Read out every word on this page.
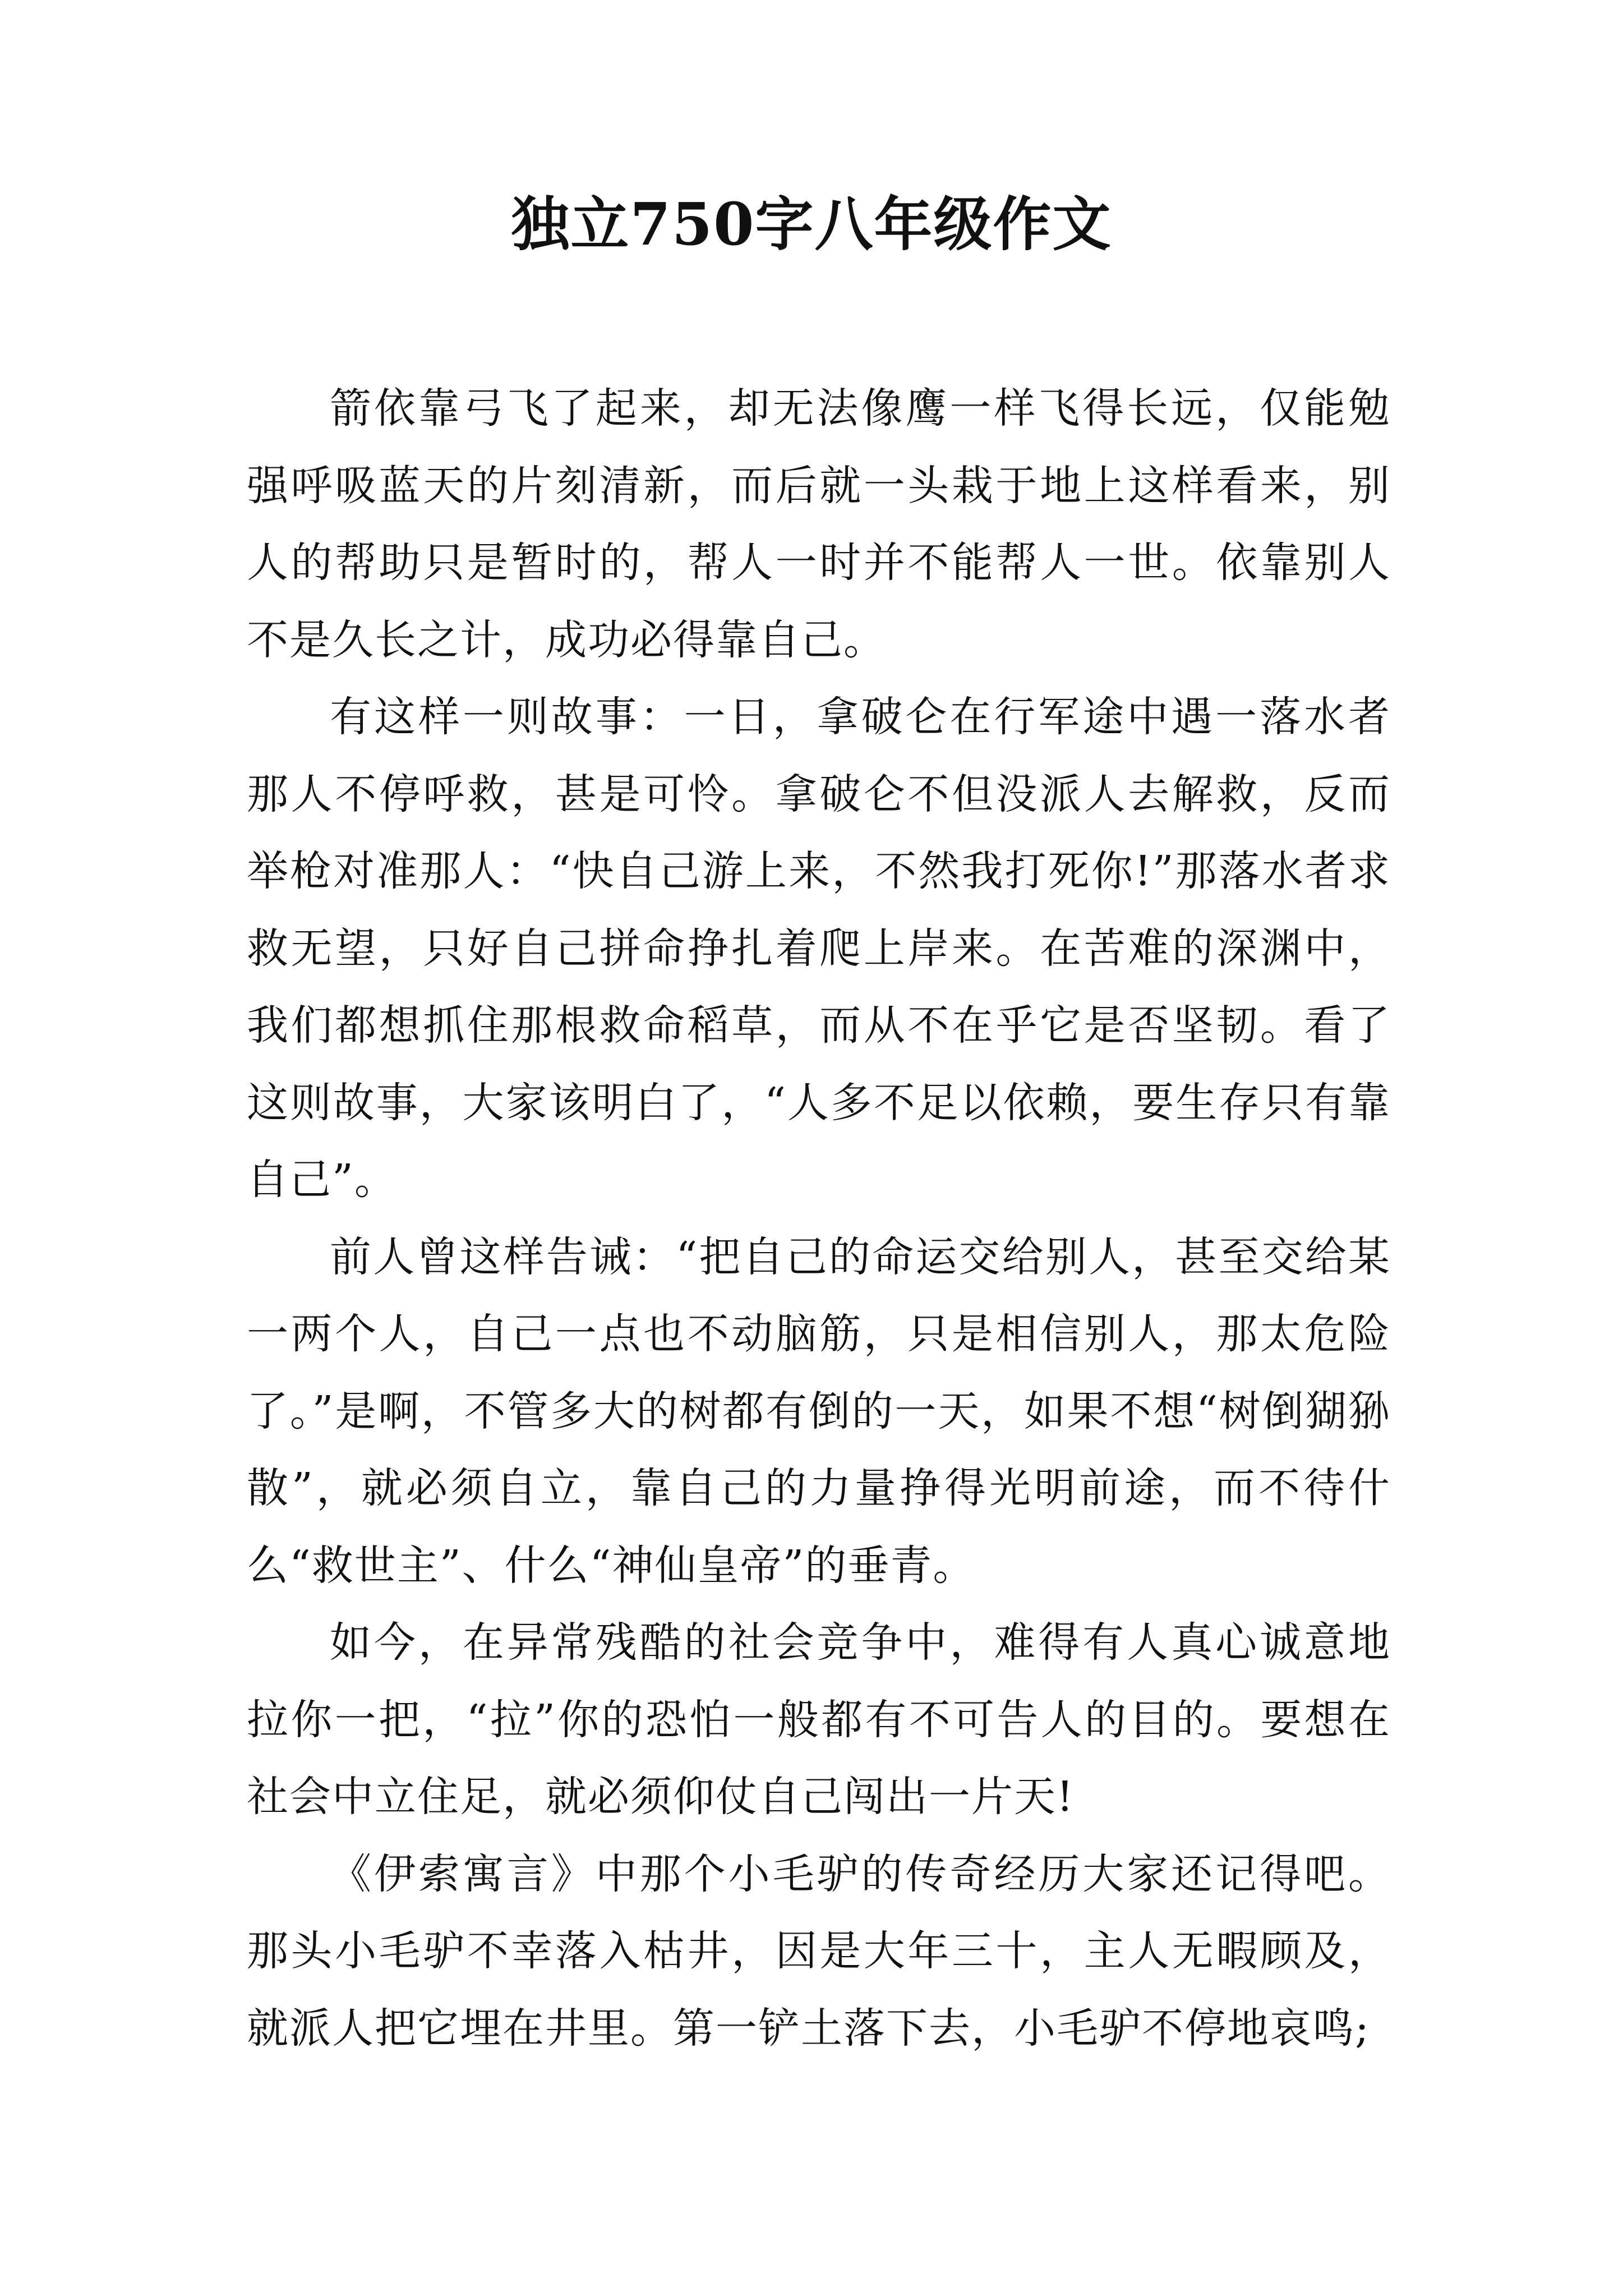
独立750字八年级作文

箭依靠弓飞了起来，却无法像鹰一样飞得长远，仅能勉强呼吸蓝天的片刻清新，而后就一头栽于地上这样看来，别人的帮助只是暂时的，帮人一时并不能帮人一世。依靠别人不是久长之计，成功必得靠自己。

有这样一则故事：一日，拿破仑在行军途中遇一落水者那人不停呼救，甚是可怜。拿破仑不但没派人去解救，反而举枪对准那人：“快自己游上来，不然我打死你!”那落水者求救无望，只好自己拼命挣扎着爬上岸来。在苦难的深渊中，我们都想抓住那根救命稻草，而从不在乎它是否坚韧。看了这则故事，大家该明白了，“人多不足以依赖，要生存只有靠自己”。

前人曾这样告诫：“把自己的命运交给别人，甚至交给某一两个人，自己一点也不动脑筋，只是相信别人，那太危险了。”是啊，不管多大的树都有倒的一天，如果不想“树倒猢狲散”，就必须自立，靠自己的力量挣得光明前途，而不待什么“救世主”、什么“神仙皇帝”的垂青。

如今，在异常残酷的社会竞争中，难得有人真心诚意地拉你一把，“拉”你的恐怕一般都有不可告人的目的。要想在社会中立住足，就必须仰仗自己闯出一片天!

《伊索寓言》中那个小毛驴的传奇经历大家还记得吧。那头小毛驴不幸落入枯井，因是大年三十，主人无暇顾及，就派人把它埋在井里。第一铲土落下去，小毛驴不停地哀鸣;
